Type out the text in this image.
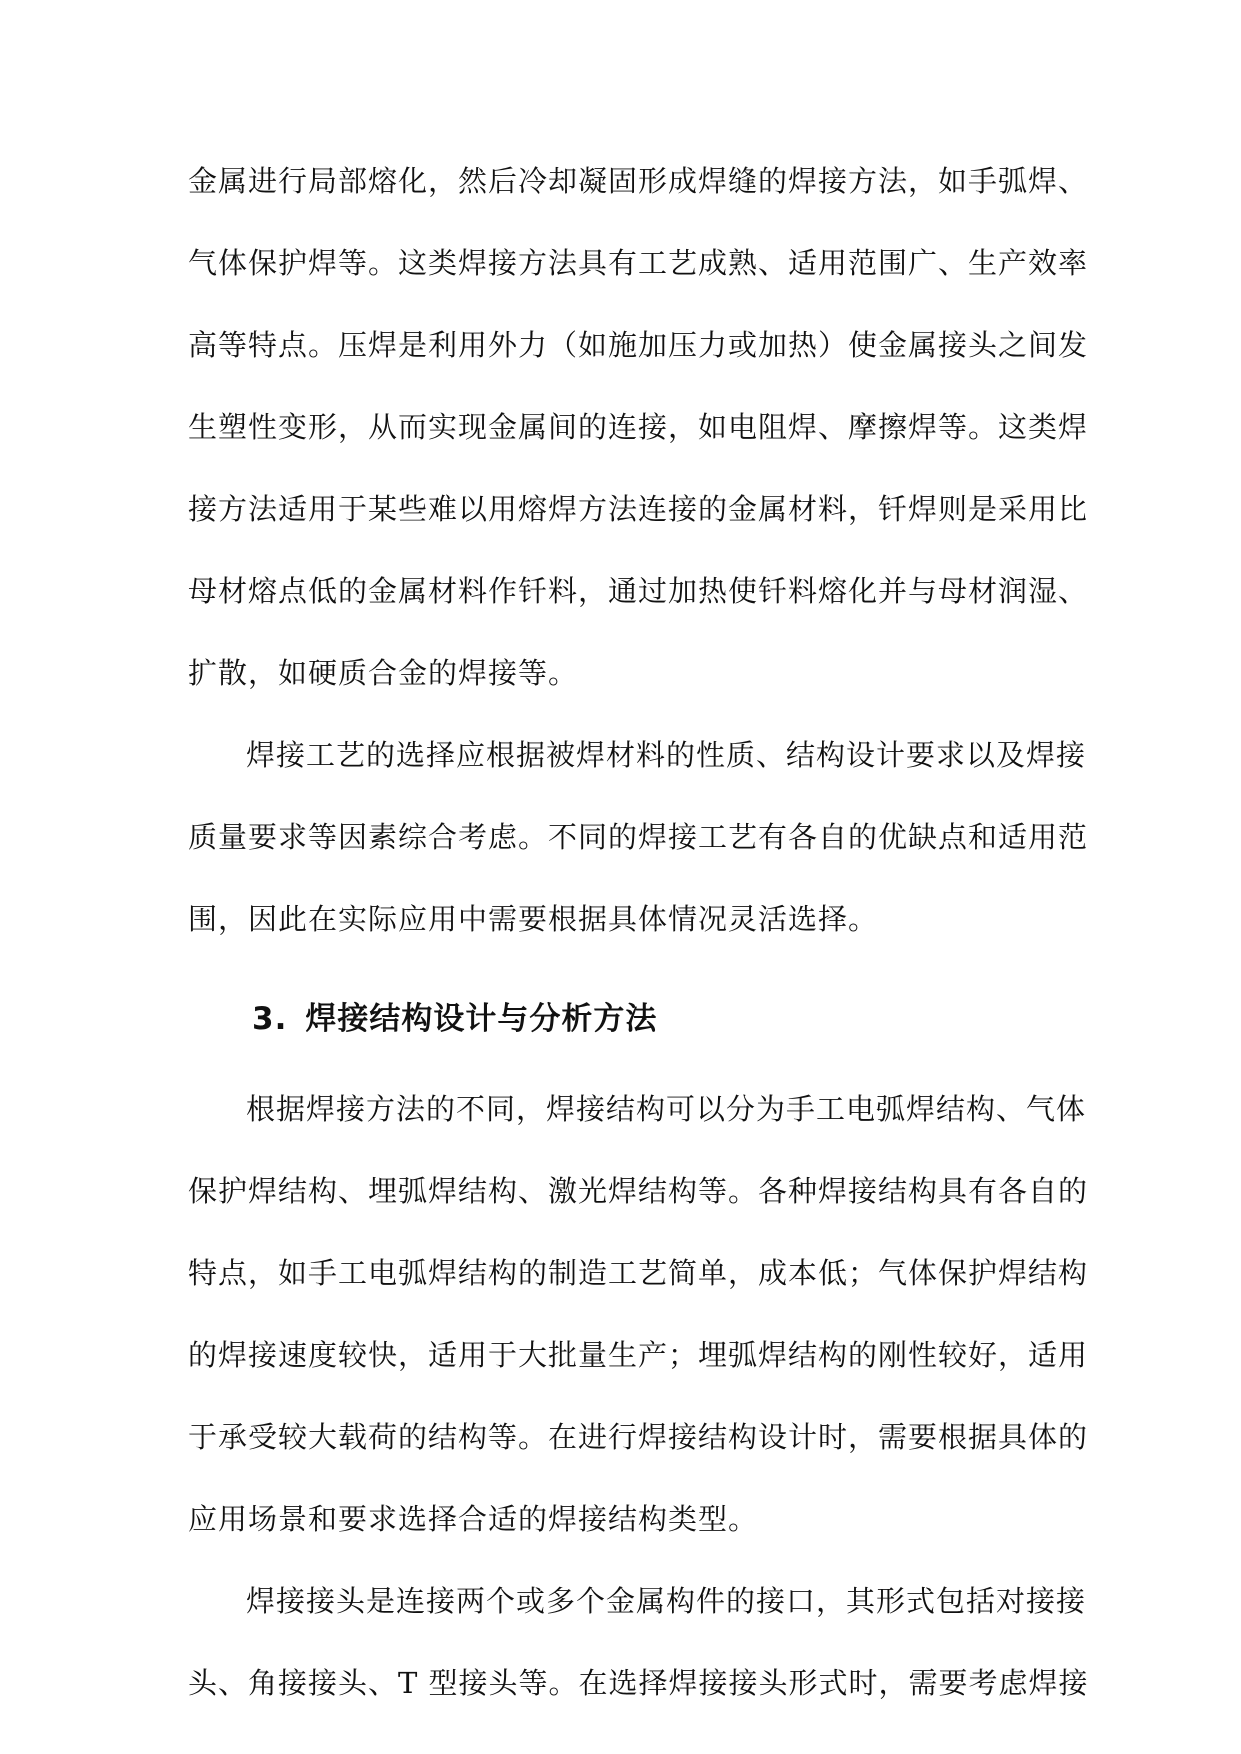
金属进行局部熔化，然后冷却凝固形成焊缝的焊接方法，如手弧焊、
气体保护焊等。这类焊接方法具有工艺成熟、适用范围广、生产效率
高等特点。压焊是利用外力（如施加压力或加热）使金属接头之间发
生塑性变形，从而实现金属间的连接，如电阻焊、摩擦焊等。这类焊
接方法适用于某些难以用熔焊方法连接的金属材料，钎焊则是采用比
母材熔点低的金属材料作钎料，通过加热使钎料熔化并与母材润湿、
扩散，如硬质合金的焊接等。

焊接工艺的选择应根据被焊材料的性质、结构设计要求以及焊接
质量要求等因素综合考虑。不同的焊接工艺有各自的优缺点和适用范
围，因此在实际应用中需要根据具体情况灵活选择。

3. 焊接结构设计与分析方法

根据焊接方法的不同，焊接结构可以分为手工电弧焊结构、气体
保护焊结构、埋弧焊结构、激光焊结构等。各种焊接结构具有各自的
特点，如手工电弧焊结构的制造工艺简单，成本低；气体保护焊结构
的焊接速度较快，适用于大批量生产；埋弧焊结构的刚性较好，适用
于承受较大载荷的结构等。在进行焊接结构设计时，需要根据具体的
应用场景和要求选择合适的焊接结构类型。

焊接接头是连接两个或多个金属构件的接口，其形式包括对接接
头、角接接头、T 型接头等。在选择焊接接头形式时，需要考虑焊接
